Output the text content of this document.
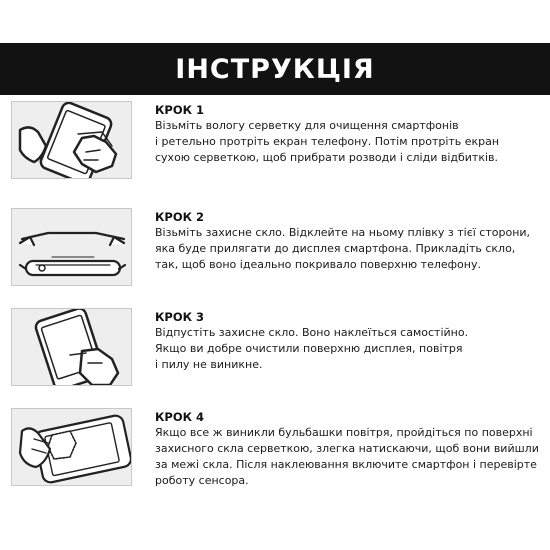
ІНСТРУКЦІЯ
КРОК 1
Візьміть вологу серветку для очищення смартфонів
і ретельно протріть екран телефону. Потім протріть екран
сухою серветкою, щоб прибрати розводи і сліди відбитків.
КРОК 2
Візьміть захисне скло. Відклейте на ньому плівку з тієї сторони,
яка буде прилягати до дисплея смартфона. Прикладіть скло,
так, щоб воно ідеально покривало поверхню телефону.
КРОК 3
Відпустіть захисне скло. Воно наклеїться самостійно.
Якщо ви добре очистили поверхню дисплея, повітря
і пилу не виникне.
КРОК 4
Якщо все ж виникли бульбашки повітря, пройдіться по поверхні
захисного скла серветкою, злегка натискаючи, щоб вони вийшли
за межі скла. Після наклеювання включите смартфон і перевірте
роботу сенсора.
